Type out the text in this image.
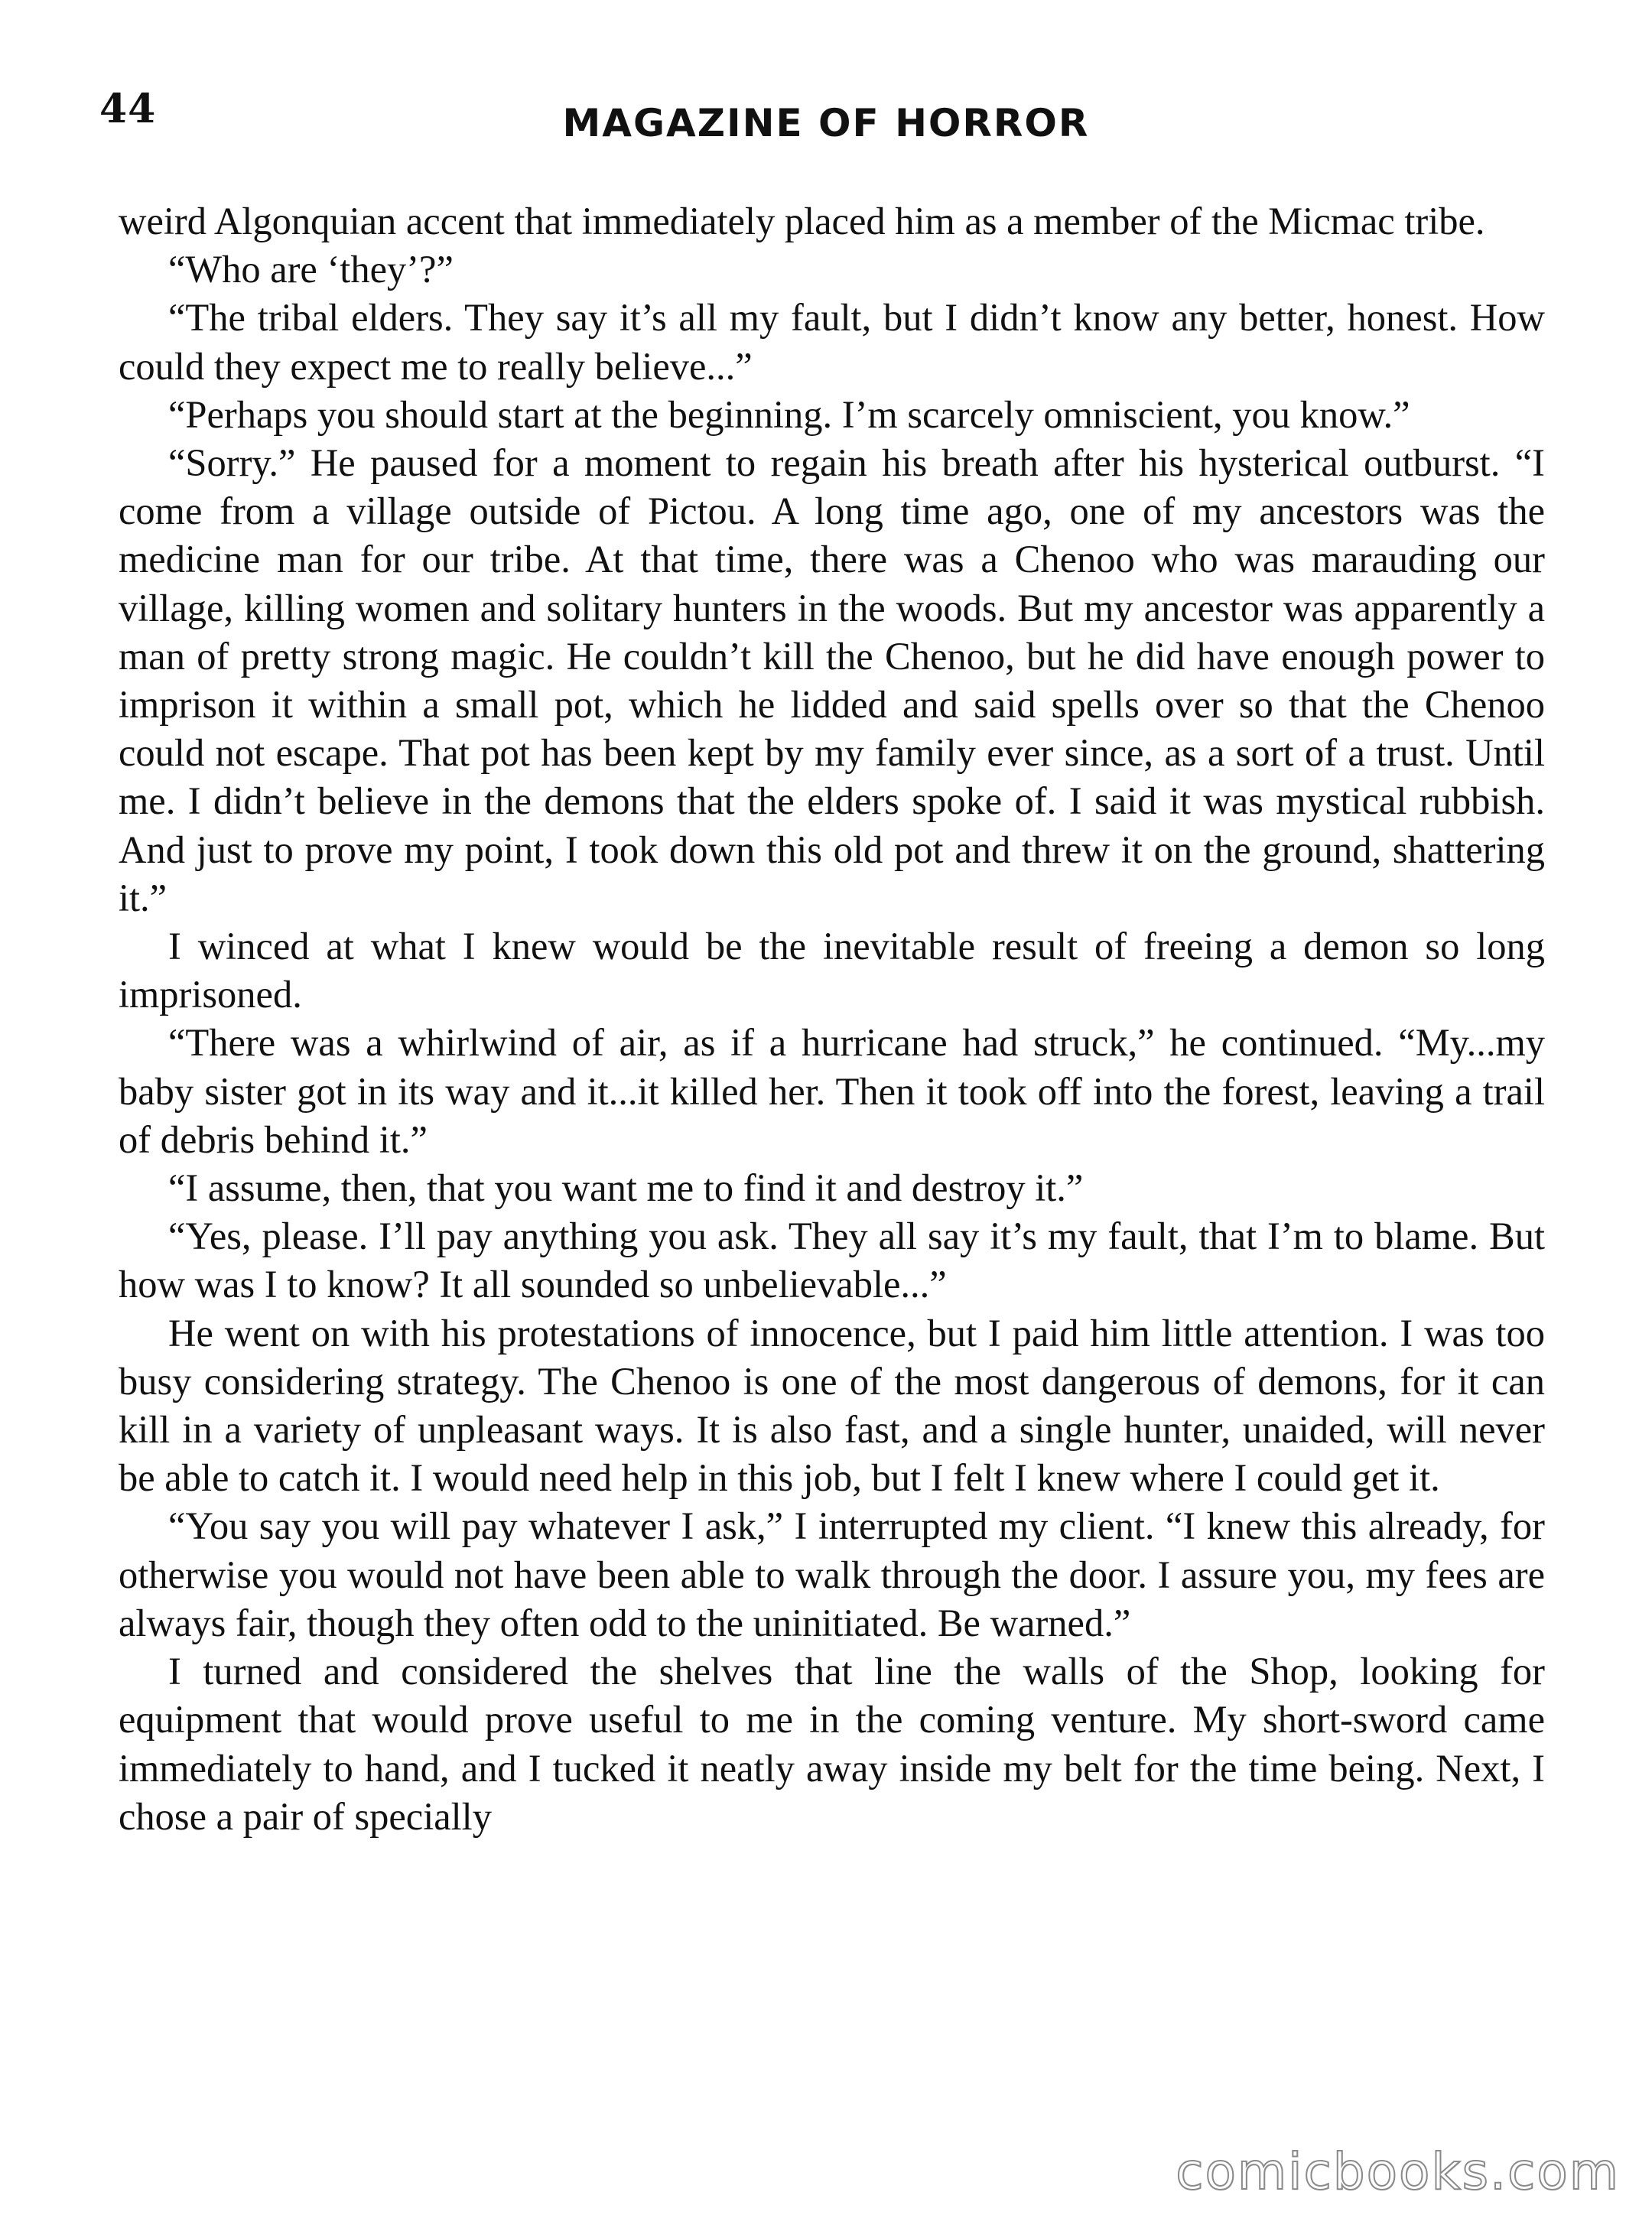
44	MAGAZINE OF HORROR

weird Algonquian accent that immediately placed him as a member of the Micmac tribe.

“Who are ‘they’?”

“The tribal elders. They say it’s all my fault, but I didn’t know any better, honest. How could they expect me to really believe...”

“Perhaps you should start at the beginning. I’m scarcely omniscient, you know.”

“Sorry.” He paused for a moment to regain his breath after his hysterical outburst. “I come from a village outside of Pictou. A long time ago, one of my ancestors was the medicine man for our tribe. At that time, there was a Chenoo who was marauding our village, killing women and solitary hunters in the woods. But my ancestor was apparently a man of pretty strong magic. He couldn’t kill the Chenoo, but he did have enough power to imprison it within a small pot, which he lidded and said spells over so that the Chenoo could not escape. That pot has been kept by my family ever since, as a sort of a trust. Until me. I didn’t believe in the demons that the elders spoke of. I said it was mystical rubbish. And just to prove my point, I took down this old pot and threw it on the ground, shattering it.”

I winced at what I knew would be the inevitable result of freeing a demon so long imprisoned.

“There was a whirlwind of air, as if a hurricane had struck,” he continued. “My...my baby sister got in its way and it...it killed her. Then it took off into the forest, leaving a trail of debris behind it.”

“I assume, then, that you want me to find it and destroy it.”

“Yes, please. I’ll pay anything you ask. They all say it’s my fault, that I’m to blame. But how was I to know? It all sounded so unbelievable...”

He went on with his protestations of innocence, but I paid him little attention. I was too busy considering strategy. The Chenoo is one of the most dangerous of demons, for it can kill in a variety of unpleasant ways. It is also fast, and a single hunter, unaided, will never be able to catch it. I would need help in this job, but I felt I knew where I could get it.

“You say you will pay whatever I ask,” I interrupted my client. “I knew this already, for otherwise you would not have been able to walk through the door. I assure you, my fees are always fair, though they often odd to the uninitiated. Be warned.”

I turned and considered the shelves that line the walls of the Shop, looking for equipment that would prove useful to me in the coming venture. My short-sword came immediately to hand, and I tucked it neatly away inside my belt for the time being. Next, I chose a pair of specially

comicbooks.com
